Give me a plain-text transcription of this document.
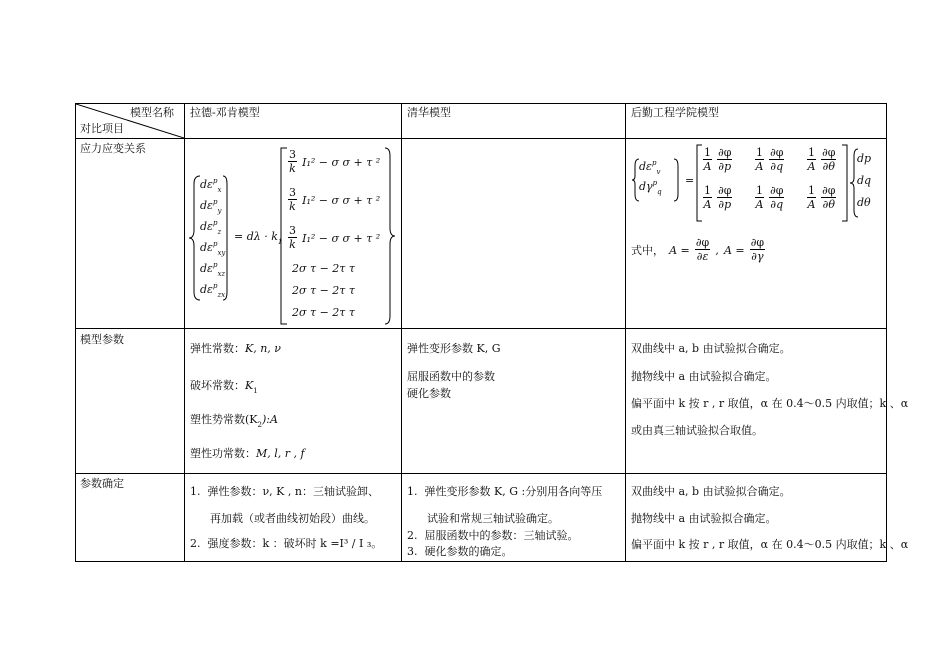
模型名称
对比项目
拉德-邓肯模型	清华模型	后勤工程学院模型
应力应变关系
模型参数
参数确定
$d\varepsilon^p_x$
$d\varepsilon^p_y$
$d\varepsilon^p_z$
$d\varepsilon^p_{xy}$
$d\varepsilon^p_{xz}$
$d\varepsilon^p_{zx}$
= $d\lambda \cdot k_1$
$\frac{3}{k} I_1^2 - \sigma$ σ + τ ²
$\frac{3}{k} I_1^2 - \sigma$ σ + τ ²
$\frac{3}{k} I_1^2 - \sigma$ σ + τ ²
2σ τ − 2τ τ
2σ τ − 2τ τ
2σ τ − 2τ τ
$d\varepsilon^p_v$
$d\gamma^p_q$
=
$\frac{1}{A}$
$\frac{\partial\varphi}{\partial p} \frac{1}{A}$
$\frac{\partial\varphi}{\partial q} \frac{1}{A}$
$\frac{\partial\varphi}{\partial\theta}$
$\frac{1}{A}$
$\frac{\partial\varphi}{\partial p} \frac{1}{A}$
$\frac{\partial\varphi}{\partial q} \frac{1}{A}$
$\frac{\partial\varphi}{\partial\theta}$
dp
dq
dθ
式中， $A = \frac{\partial\varphi}{\partial\varepsilon}$ , $A = \frac{\partial\varphi}{\partial\gamma}$
弹性常数：K, n, ν
破坏常数：$K_1$
塑性势常数$(K_2):A$
塑性功常数：M, l, r , f
弹性变形参数 K, G
屈服函数中的参数
硬化参数
双曲线中 a, b 由试验拟合确定。
抛物线中 a 由试验拟合确定。
偏平面中 k 按 r , r 取值，α 在 0.4～0.5 内取值；k 、α
或由真三轴试验拟合取值。
1. 弹性参数：ν, K , n：三轴试验卸、
再加载（或者曲线初始段）曲线。
2. 强度参数：k ：破坏时 k =I³ / I ₃。
1. 弹性变形参数 K, G :分别用各向等压
试验和常规三轴试验确定。
2. 屈服函数中的参数：三轴试验。
3. 硬化参数的确定。
双曲线中 a, b 由试验拟合确定。
抛物线中 a 由试验拟合确定。
偏平面中 k 按 r , r 取值，α 在 0.4～0.5 内取值；k 、α
